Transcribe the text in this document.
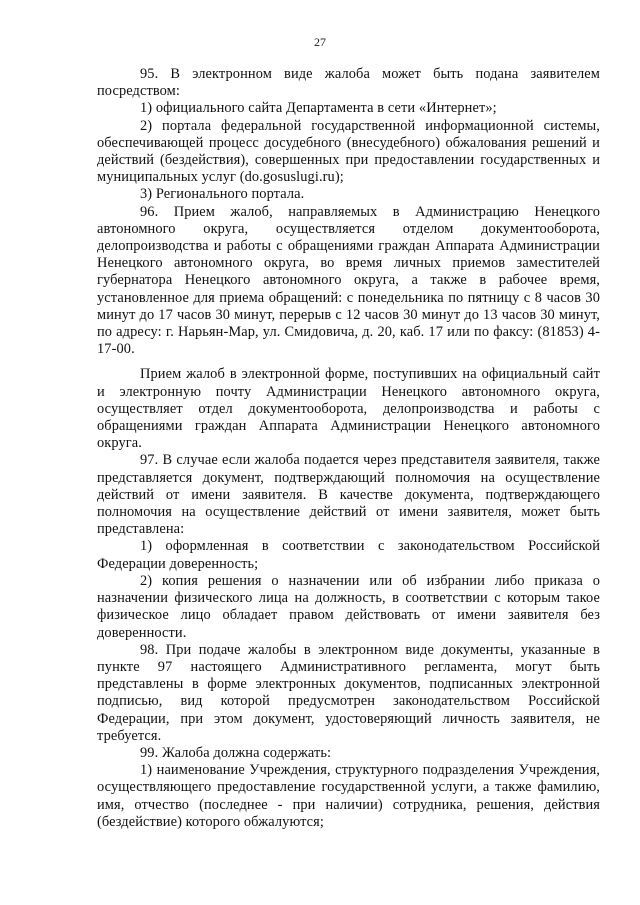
27

95. В электронном виде жалоба может быть подана заявителем посредством:

1) официального сайта Департамента в сети «Интернет»;

2) портала федеральной государственной информационной системы, обеспечивающей процесс досудебного (внесудебного) обжалования решений и действий (бездействия), совершенных при предоставлении государственных и муниципальных услуг (do.gosuslugi.ru);

3) Регионального портала.

96. Прием жалоб, направляемых в Администрацию Ненецкого автономного округа, осуществляется отделом документооборота, делопроизводства и работы с обращениями граждан Аппарата Администрации Ненецкого автономного округа, во время личных приемов заместителей губернатора Ненецкого автономного округа, а также в рабочее время, установленное для приема обращений: с понедельника по пятницу с 8 часов 30 минут до 17 часов 30 минут, перерыв с 12 часов 30 минут до 13 часов 30 минут, по адресу: г. Нарьян-Мар, ул. Смидовича, д. 20, каб. 17 или по факсу: (81853) 4-17-00.

Прием жалоб в электронной форме, поступивших на официальный сайт и электронную почту Администрации Ненецкого автономного округа, осуществляет отдел документооборота, делопроизводства и работы с обращениями граждан Аппарата Администрации Ненецкого автономного округа.

97. В случае если жалоба подается через представителя заявителя, также представляется документ, подтверждающий полномочия на осуществление действий от имени заявителя. В качестве документа, подтверждающего полномочия на осуществление действий от имени заявителя, может быть представлена:

1) оформленная в соответствии с законодательством Российской Федерации доверенность;

2) копия решения о назначении или об избрании либо приказа о назначении физического лица на должность, в соответствии с которым такое физическое лицо обладает правом действовать от имени заявителя без доверенности.

98. При подаче жалобы в электронном виде документы, указанные в пункте 97 настоящего Административного регламента, могут быть представлены в форме электронных документов, подписанных электронной подписью, вид которой предусмотрен законодательством Российской Федерации, при этом документ, удостоверяющий личность заявителя, не требуется.

99. Жалоба должна содержать:

1) наименование Учреждения, структурного подразделения Учреждения, осуществляющего предоставление государственной услуги, а также фамилию, имя, отчество (последнее - при наличии) сотрудника, решения, действия (бездействие) которого обжалуются;
